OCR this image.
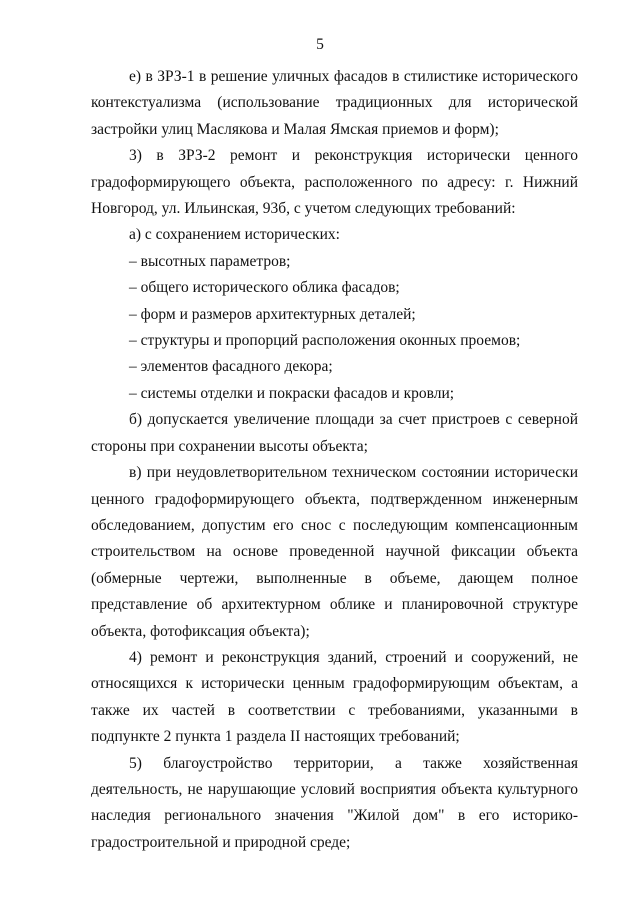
5

е) в ЗРЗ-1 в решение уличных фасадов в стилистике исторического контекстуализма (использование традиционных для исторической застройки улиц Маслякова и Малая Ямская приемов и форм);

3) в ЗРЗ-2 ремонт и реконструкция исторически ценного градоформирующего объекта, расположенного по адресу: г. Нижний Новгород, ул. Ильинская, 93б, с учетом следующих требований:

а) с сохранением исторических:

– высотных параметров;

– общего исторического облика фасадов;

– форм и размеров архитектурных деталей;

– структуры и пропорций расположения оконных проемов;

– элементов фасадного декора;

– системы отделки и покраски фасадов и кровли;

б) допускается увеличение площади за счет пристроев с северной стороны при сохранении высоты объекта;

в) при неудовлетворительном техническом состоянии исторически ценного градоформирующего объекта, подтвержденном инженерным обследованием, допустим его снос с последующим компенсационным строительством на основе проведенной научной фиксации объекта (обмерные чертежи, выполненные в объеме, дающем полное представление об архитектурном облике и планировочной структуре объекта, фотофиксация объекта);

4) ремонт и реконструкция зданий, строений и сооружений, не относящихся к исторически ценным градоформирующим объектам, а также их частей в соответствии с требованиями, указанными в подпункте 2 пункта 1 раздела II настоящих требований;

5) благоустройство территории, а также хозяйственная деятельность, не нарушающие условий восприятия объекта культурного наследия регионального значения "Жилой дом" в его историко-градостроительной и природной среде;
